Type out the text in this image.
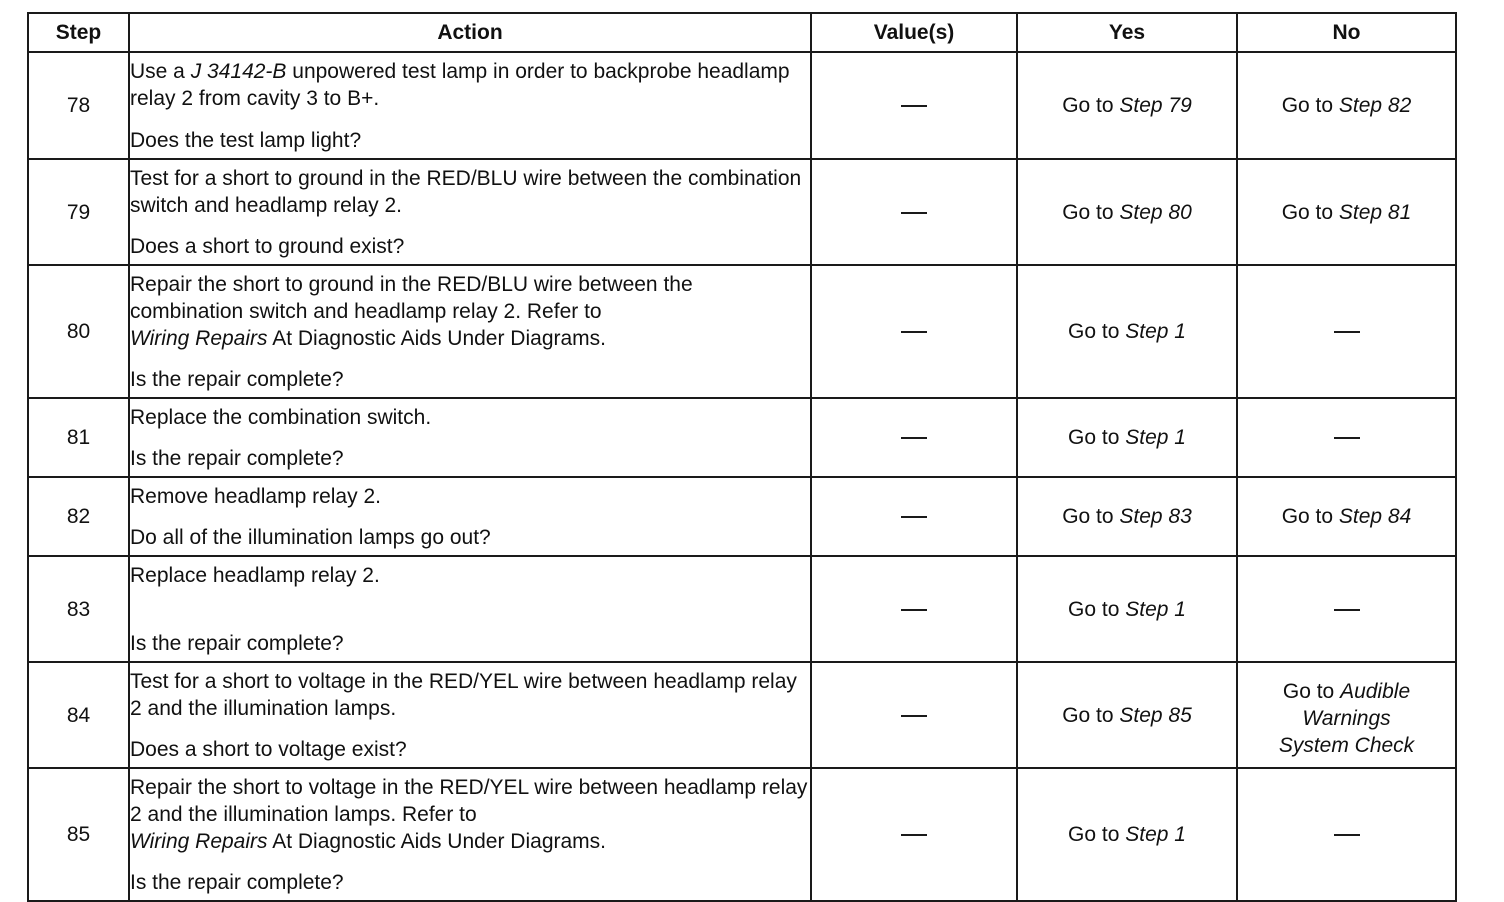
Step	Action	Value(s)	Yes	No
78	Use a J 34142-B unpowered test lamp in order to backprobe headlamp relay 2 from cavity 3 to B+.
Does the test lamp light?		Go to Step 79	Go to Step 82
79	Test for a short to ground in the RED/BLU wire between the combination switch and headlamp relay 2.
Does a short to ground exist?		Go to Step 80	Go to Step 81
80	Repair the short to ground in the RED/BLU wire between the combination switch and headlamp relay 2. Refer to
Wiring Repairs At Diagnostic Aids Under Diagrams.
Is the repair complete?		Go to Step 1	
81	Replace the combination switch.
Is the repair complete?		Go to Step 1	
82	Remove headlamp relay 2.
Do all of the illumination lamps go out?		Go to Step 83	Go to Step 84
83	Replace headlamp relay 2.
Is the repair complete?		Go to Step 1	
84	Test for a short to voltage in the RED/YEL wire between headlamp relay 2 and the illumination lamps.
Does a short to voltage exist?		Go to Step 85	Go to Audible
Warnings
System Check

85	Repair the short to voltage in the RED/YEL wire between headlamp relay 2 and the illumination lamps. Refer to
Wiring Repairs At Diagnostic Aids Under Diagrams.
Is the repair complete?		Go to Step 1	
